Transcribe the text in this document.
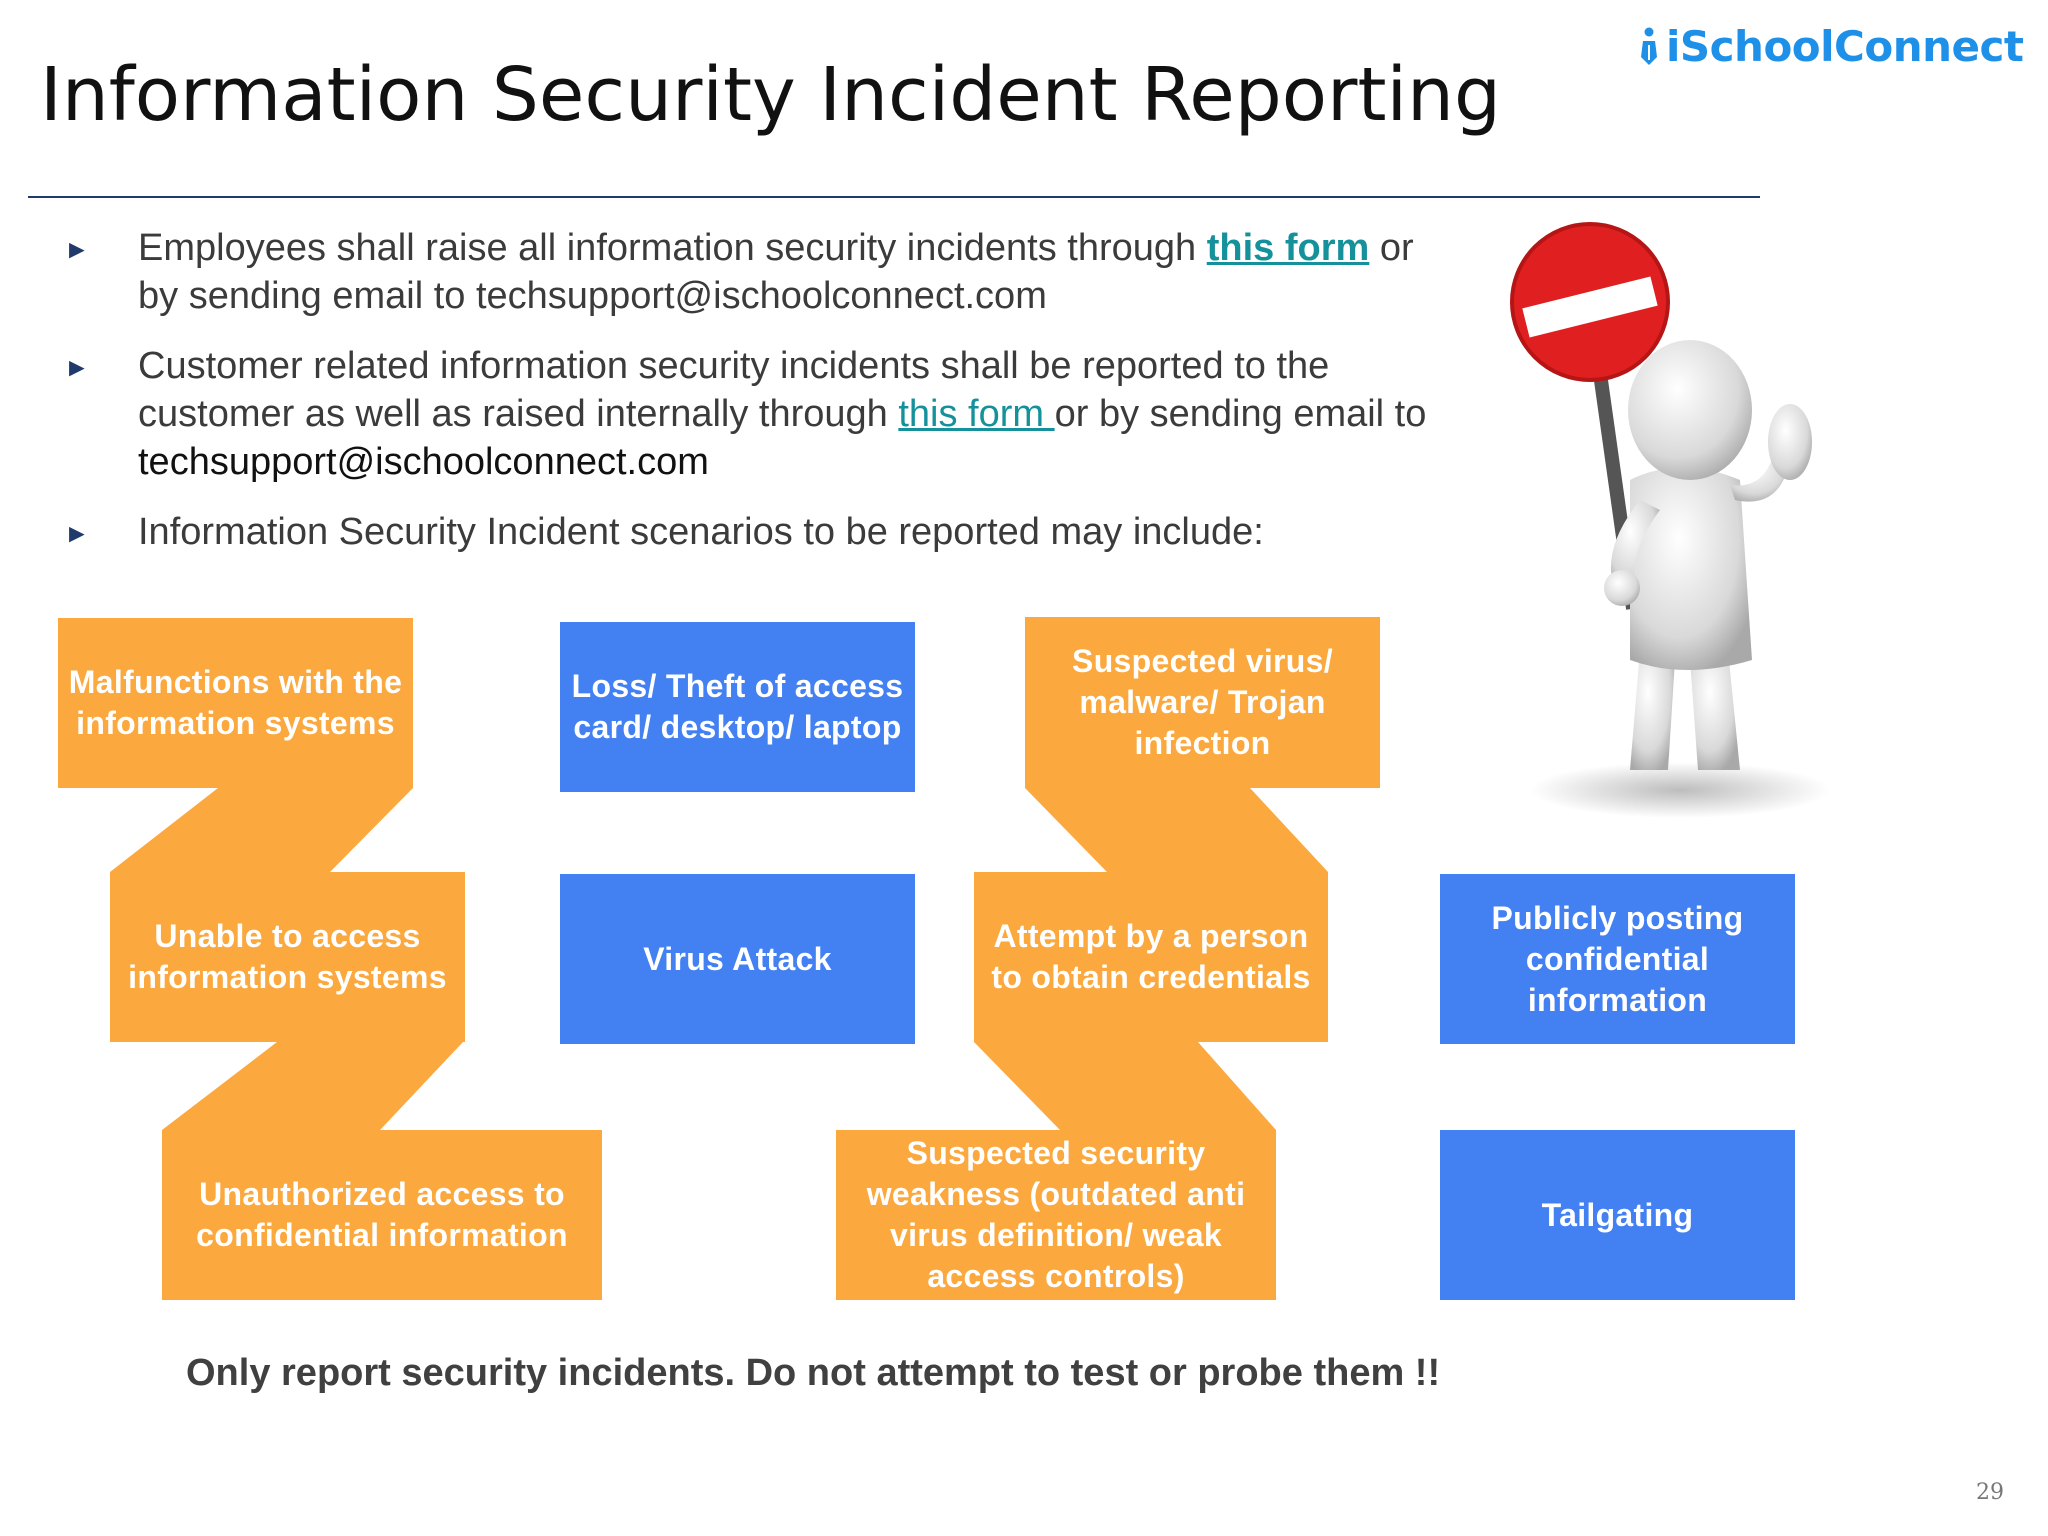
Information Security Incident Reporting
iSchoolConnect
►	Employees shall raise all information security incidents through this form or by sending email to techsupport@ischoolconnect.com
►	Customer related information security incidents shall be reported to the customer as well as raised internally through this form or by sending email to techsupport@ischoolconnect.com
►	Information Security Incident scenarios to be reported may include:
Malfunctions with the information systems
Unable to access information systems
Unauthorized access to confidential information
Loss/ Theft of access card/ desktop/ laptop
Virus Attack
Suspected virus/ malware/ Trojan infection
Attempt by a person to obtain credentials
Suspected security weakness (outdated anti virus definition/ weak access controls)
Publicly posting confidential information
Tailgating
Only report security incidents. Do not attempt to test or probe them !!
29
